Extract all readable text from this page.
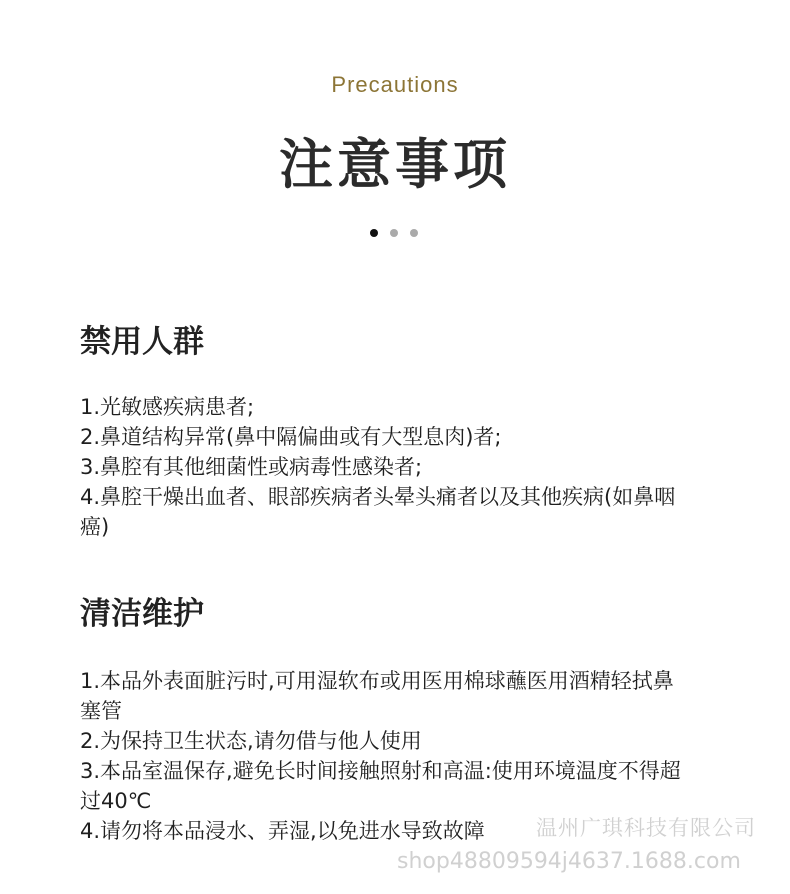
Precautions
注意事项
禁用人群
1.光敏感疾病患者;
2.鼻道结构异常(鼻中隔偏曲或有大型息肉)者;
3.鼻腔有其他细菌性或病毒性感染者;
4.鼻腔干燥出血者、眼部疾病者头晕头痛者以及其他疾病(如鼻咽癌)
清洁维护
1.本品外表面脏污时,可用湿软布或用医用棉球蘸医用酒精轻拭鼻塞管
2.为保持卫生状态,请勿借与他人使用
3.本品室温保存,避免长时间接触照射和高温:使用环境温度不得超过40℃
4.请勿将本品浸水、弄湿,以免进水导致故障	温州广琪科技有限公司
shop48809594j4637.1688.com
